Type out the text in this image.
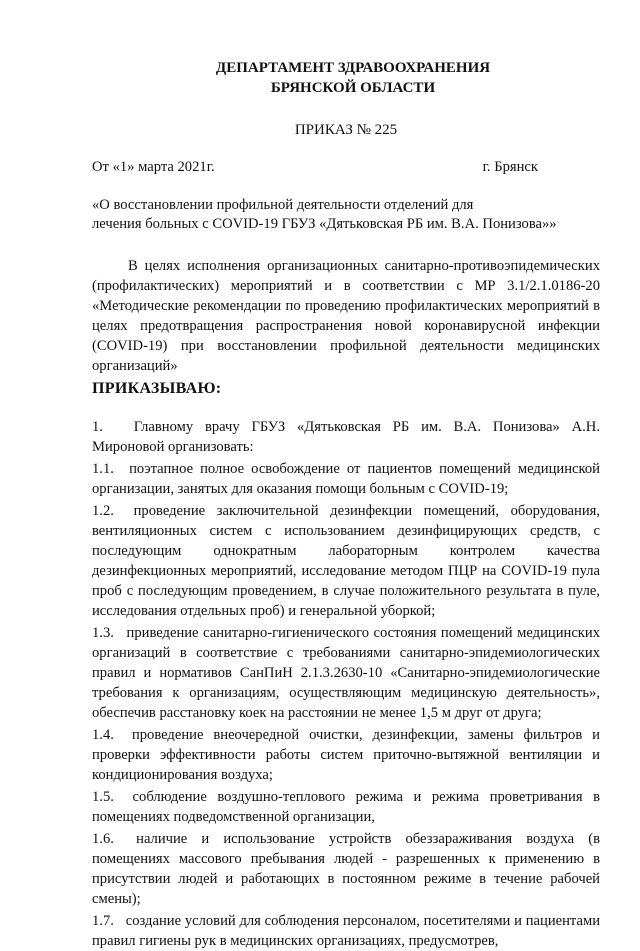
ДЕПАРТАМЕНТ ЗДРАВООХРАНЕНИЯ

БРЯНСКОЙ ОБЛАСТИ

ПРИКАЗ № 225
От «1» марта 2021г.	г. Брянск
«О восстановлении профильной деятельности отделений для
лечения больных с COVID-19 ГБУЗ «Дятьковская РБ им. В.А. Понизова»»
В целях исполнения организационных санитарно-противоэпидемических (профилактических) мероприятий и в соответствии с МР 3.1/2.1.0186-20 «Методические рекомендации по проведению профилактических мероприятий в целях предотвращения распространения новой коронавирусной инфекции (COVID-19) при восстановлении профильной деятельности медицинских организаций»
ПРИКАЗЫВАЮ:

1. Главному врачу ГБУЗ «Дятьковская РБ им. В.А. Понизова» А.Н. Мироновой организовать:

1.1. поэтапное полное освобождение от пациентов помещений медицинской организации, занятых для оказания помощи больным с COVID-19;

1.2. проведение заключительной дезинфекции помещений, оборудования, вентиляционных систем с использованием дезинфицирующих средств, с последующим однократным лабораторным контролем качества дезинфекционных мероприятий, исследование методом ПЦР на COVID-19 пула проб с последующим проведением, в случае положительного результата в пуле, исследования отдельных проб) и генеральной уборкой;

1.3. приведение санитарно-гигиенического состояния помещений медицинских организаций в соответствие с требованиями санитарно-эпидемиологических правил и нормативов СанПиН 2.1.3.2630-10 «Санитарно-эпидемиологические требования к организациям, осуществляющим медицинскую деятельность», обеспечив расстановку коек на расстоянии не менее 1,5 м друг от друга;

1.4. проведение внеочередной очистки, дезинфекции, замены фильтров и проверки эффективности работы систем приточно-вытяжной вентиляции и кондиционирования воздуха;

1.5. соблюдение воздушно-теплового режима и режима проветривания в помещениях подведомственной организации,

1.6. наличие и использование устройств обеззараживания воздуха (в помещениях массового пребывания людей - разрешенных к применению в присутствии людей и работающих в постоянном режиме в течение рабочей смены);

1.7. создание условий для соблюдения персоналом, посетителями и пациентами правил гигиены рук в медицинских организациях, предусмотрев,
